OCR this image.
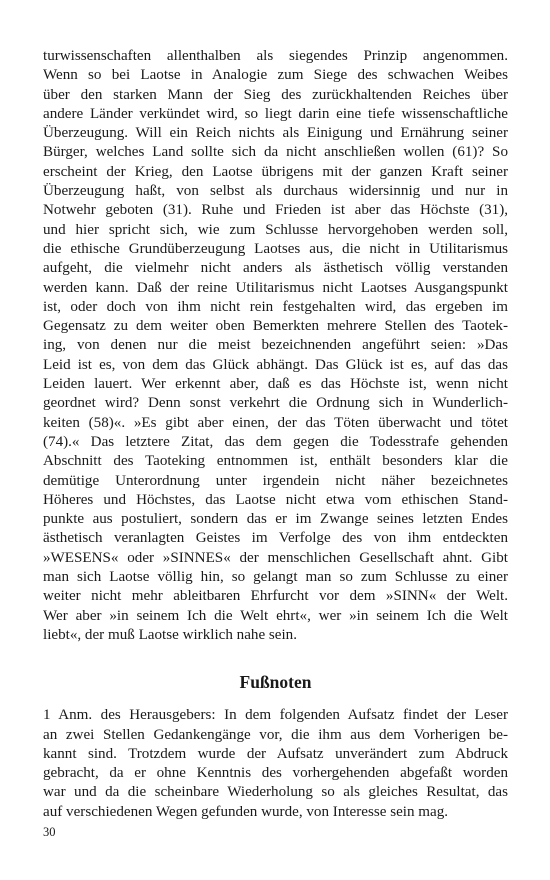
turwissenschaften allenthalben als siegendes Prinzip angenommen.
Wenn so bei Laotse in Analogie zum Siege des schwachen Weibes
über den starken Mann der Sieg des zurückhaltenden Reiches über
andere Länder verkündet wird, so liegt darin eine tiefe wissenschaftliche
Überzeugung. Will ein Reich nichts als Einigung und Ernährung seiner
Bürger, welches Land sollte sich da nicht anschließen wollen (61)? So
erscheint der Krieg, den Laotse übrigens mit der ganzen Kraft seiner
Überzeugung haßt, von selbst als durchaus widersinnig und nur in
Notwehr geboten (31). Ruhe und Frieden ist aber das Höchste (31),
und hier spricht sich, wie zum Schlusse hervorgehoben werden soll,
die ethische Grundüberzeugung Laotses aus, die nicht in Utilitarismus
aufgeht, die vielmehr nicht anders als ästhetisch völlig verstanden
werden kann. Daß der reine Utilitarismus nicht Laotses Ausgangspunkt
ist, oder doch von ihm nicht rein festgehalten wird, das ergeben im
Gegensatz zu dem weiter oben Bemerkten mehrere Stellen des Taotek-
ing, von denen nur die meist bezeichnenden angeführt seien: »Das
Leid ist es, von dem das Glück abhängt. Das Glück ist es, auf das das
Leiden lauert. Wer erkennt aber, daß es das Höchste ist, wenn nicht
geordnet wird? Denn sonst verkehrt die Ordnung sich in Wunderlich-
keiten (58)«. »Es gibt aber einen, der das Töten überwacht und tötet
(74).« Das letztere Zitat, das dem gegen die Todesstrafe gehenden
Abschnitt des Taoteking entnommen ist, enthält besonders klar die
demütige Unterordnung unter irgendein nicht näher bezeichnetes
Höheres und Höchstes, das Laotse nicht etwa vom ethischen Stand-
punkte aus postuliert, sondern das er im Zwange seines letzten Endes
ästhetisch veranlagten Geistes im Verfolge des von ihm entdeckten
»WESENS« oder »SINNES« der menschlichen Gesellschaft ahnt. Gibt
man sich Laotse völlig hin, so gelangt man so zum Schlusse zu einer
weiter nicht mehr ableitbaren Ehrfurcht vor dem »SINN« der Welt.
Wer aber »in seinem Ich die Welt ehrt«, wer »in seinem Ich die Welt
liebt«, der muß Laotse wirklich nahe sein.
Fußnoten
1 Anm. des Herausgebers: In dem folgenden Aufsatz findet der Leser
an zwei Stellen Gedankengänge vor, die ihm aus dem Vorherigen be-
kannt sind. Trotzdem wurde der Aufsatz unverändert zum Abdruck
gebracht, da er ohne Kenntnis des vorhergehenden abgefaßt worden
war und da die scheinbare Wiederholung so als gleiches Resultat, das
auf verschiedenen Wegen gefunden wurde, von Interesse sein mag.
30
